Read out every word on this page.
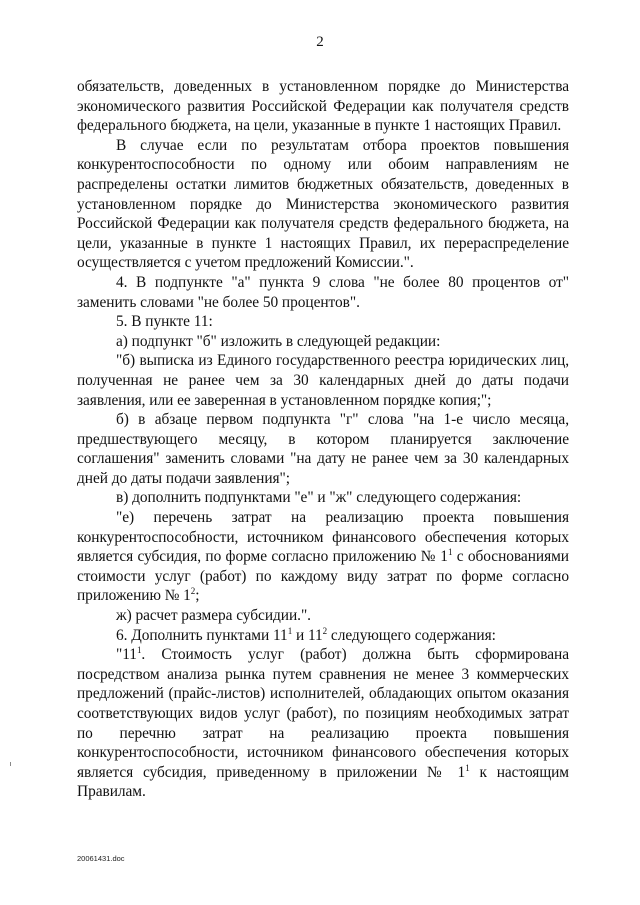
2

обязательств, доведенных в установленном порядке до Министерства экономического развития Российской Федерации как получателя средств федерального бюджета, на цели, указанные в пункте 1 настоящих Правил.

В случае если по результатам отбора проектов повышения конкурентоспособности по одному или обоим направлениям не распределены остатки лимитов бюджетных обязательств, доведенных в установленном порядке до Министерства экономического развития Российской Федерации как получателя средств федерального бюджета, на цели, указанные в пункте 1 настоящих Правил, их перераспределение осуществляется с учетом предложений Комиссии.".

4. В подпункте "а" пункта 9 слова "не более 80 процентов от" заменить словами "не более 50 процентов".

5. В пункте 11:

а) подпункт "б" изложить в следующей редакции:

"б) выписка из Единого государственного реестра юридических лиц, полученная не ранее чем за 30 календарных дней до даты подачи заявления, или ее заверенная в установленном порядке копия;";

б) в абзаце первом подпункта "г" слова "на 1-е число месяца, предшествующего месяцу, в котором планируется заключение соглашения" заменить словами "на дату не ранее чем за 30 календарных дней до даты подачи заявления";

в) дополнить подпунктами "е" и "ж" следующего содержания:

"е) перечень затрат на реализацию проекта повышения конкурентоспособности, источником финансового обеспечения которых является субсидия, по форме согласно приложению № $1^1$ с обоснованиями стоимости услуг (работ) по каждому виду затрат по форме согласно приложению № $1^2$;

ж) расчет размера субсидии.".

6. Дополнить пунктами $11^1$ и $11^2$ следующего содержания:

"$11^1$. Стоимость услуг (работ) должна быть сформирована посредством анализа рынка путем сравнения не менее 3 коммерческих предложений (прайс-листов) исполнителей, обладающих опытом оказания соответствующих видов услуг (работ), по позициям необходимых затрат по перечню затрат на реализацию проекта повышения конкурентоспособности, источником финансового обеспечения которых является субсидия, приведенному в приложении № $1^1$ к настоящим Правилам.

20061431.doc
